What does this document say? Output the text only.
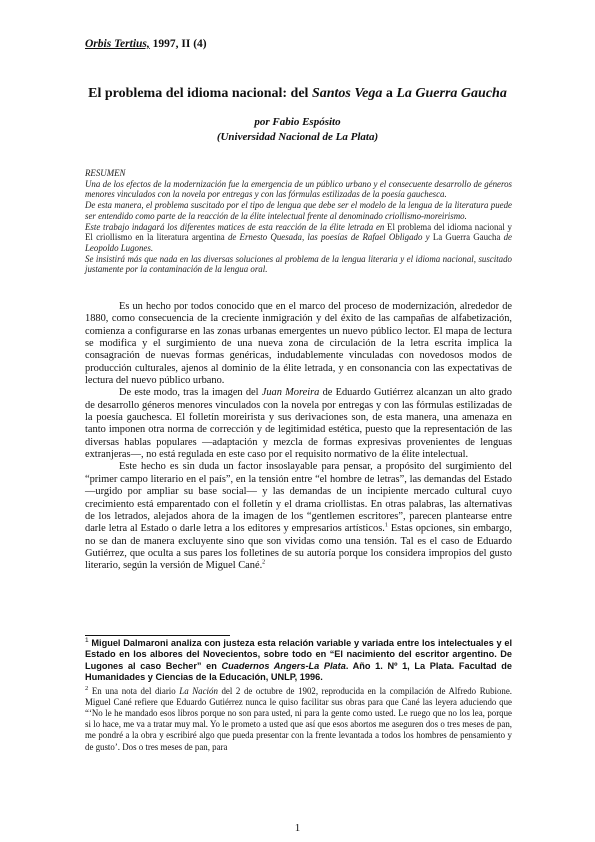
Orbis Tertius, 1997, II (4)
El problema del idioma nacional: del Santos Vega a La Guerra Gaucha
por Fabio Espósito
(Universidad Nacional de La Plata)

RESUMEN

Una de los efectos de la modernización fue la emergencia de un público urbano y el consecuente desarrollo de géneros menores vinculados con la novela por entregas y con las fórmulas estilizadas de la poesía gauchesca.

De esta manera, el problema suscitado por el tipo de lengua que debe ser el modelo de la lengua de la literatura puede ser entendido como parte de la reacción de la élite intelectual frente al denominado criollismo-moreirismo.

Este trabajo indagará los diferentes matices de esta reacción de la élite letrada en El problema del idioma nacional y El criollismo en la literatura argentina de Ernesto Quesada, las poesías de Rafael Obligado y La Guerra Gaucha de Leopoldo Lugones.

Se insistirá más que nada en las diversas soluciones al problema de la lengua literaria y el idioma nacional, suscitado justamente por la contaminación de la lengua oral.

Es un hecho por todos conocido que en el marco del proceso de modernización, alrededor de 1880, como consecuencia de la creciente inmigración y del éxito de las campañas de alfabetización, comienza a configurarse en las zonas urbanas emergentes un nuevo público lector. El mapa de lectura se modifica y el surgimiento de una nueva zona de circulación de la letra escrita implica la consagración de nuevas formas genéricas, indudablemente vinculadas con novedosos modos de producción culturales, ajenos al dominio de la élite letrada, y en consonancia con las expectativas de lectura del nuevo público urbano.

De este modo, tras la imagen del Juan Moreira de Eduardo Gutiérrez alcanzan un alto grado de desarrollo géneros menores vinculados con la novela por entregas y con las fórmulas estilizadas de la poesía gauchesca. El folletín moreirista y sus derivaciones son, de esta manera, una amenaza en tanto imponen otra norma de corrección y de legitimidad estética, puesto que la representación de las diversas hablas populares —adaptación y mezcla de formas expresivas provenientes de lenguas extranjeras—, no está regulada en este caso por el requisito normativo de la élite intelectual.

Este hecho es sin duda un factor insoslayable para pensar, a propósito del surgimiento del “primer campo literario en el país”, en la tensión entre “el hombre de letras”, las demandas del Estado —urgido por ampliar su base social— y las demandas de un incipiente mercado cultural cuyo crecimiento está emparentado con el folletín y el drama criollistas. En otras palabras, las alternativas de los letrados, alejados ahora de la imagen de los “gentlemen escritores”, parecen plantearse entre darle letra al Estado o darle letra a los editores y empresarios artísticos.$^1$ Estas opciones, sin embargo, no se dan de manera excluyente sino que son vividas como una tensión. Tal es el caso de Eduardo Gutiérrez, que oculta a sus pares los folletines de su autoría porque los considera impropios del gusto literario, según la versión de Miguel Cané.$^2$

$^1$ Miguel Dalmaroni analiza con justeza esta relación variable y variada entre los intelectuales y el Estado en los albores del Novecientos, sobre todo en “El nacimiento del escritor argentino. De Lugones al caso Becher” en Cuadernos Angers-La Plata. Año 1. Nº 1, La Plata. Facultad de Humanidades y Ciencias de la Educación, UNLP, 1996.
$^2$ En una nota del diario La Nación del 2 de octubre de 1902, reproducida en la compilación de Alfredo Rubione. Miguel Cané refiere que Eduardo Gutiérrez nunca le quiso facilitar sus obras para que Cané las leyera aduciendo que “‘No le he mandado esos libros porque no son para usted, ni para la gente como usted. Le ruego que no los lea, porque si lo hace, me va a tratar muy mal. Yo le prometo a usted que así que esos abortos me aseguren dos o tres meses de pan, me pondré a la obra y escribiré algo que pueda presentar con la frente levantada a todos los hombres de pensamiento y de gusto’. Dos o tres meses de pan, para
1
